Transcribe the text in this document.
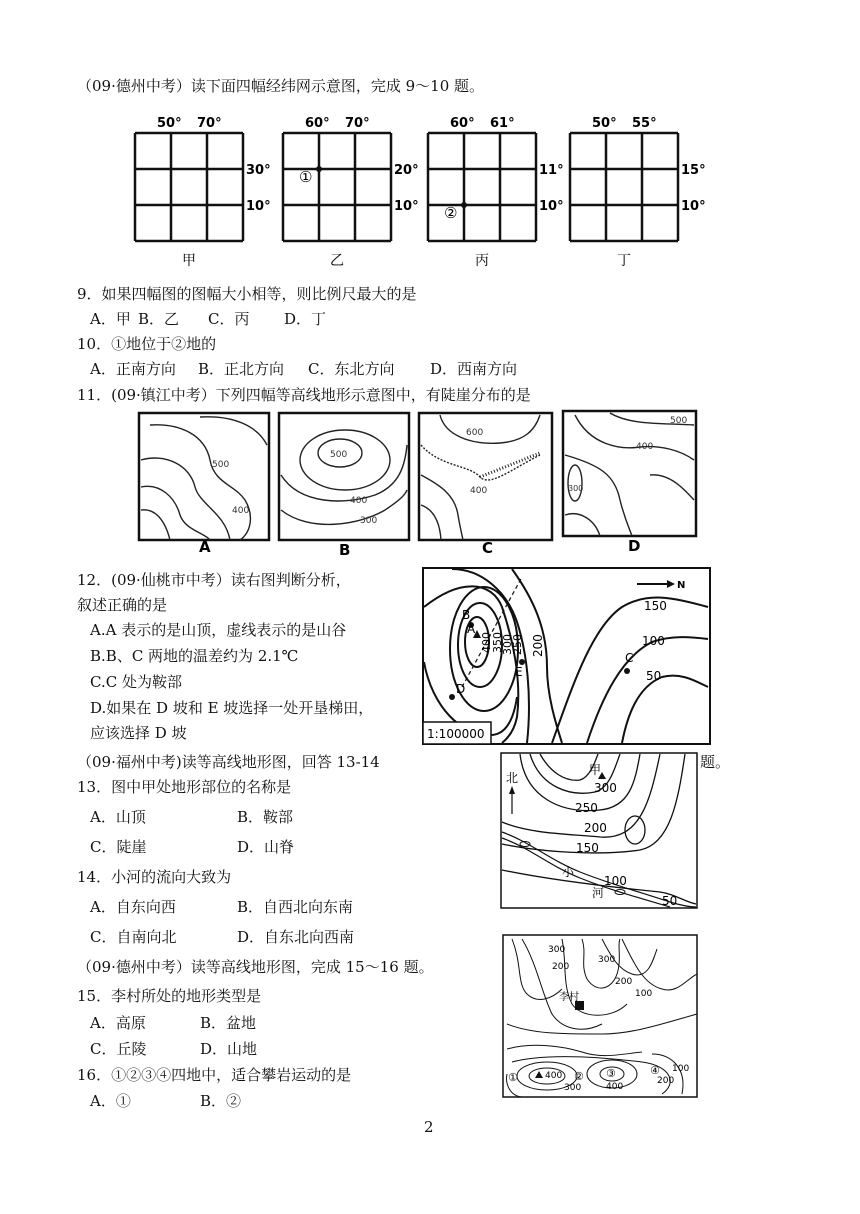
（09·德州中考）读下面四幅经纬网示意图，完成 9～10 题。
50° 70°
30°
10°
甲
60° 70°
20°
10°
乙
①
60° 61°
11°
10°
丙
②
50° 55°
15°
10°
丁
9．如果四幅图的图幅大小相等，则比例尺最大的是
A．甲 B．乙 C．丙 D．丁
10．①地位于②地的
A．正南方向 B．正北方向 C．东北方向 D．西南方向
11．(09·镇江中考）下列四幅等高线地形示意图中，有陡崖分布的是
500
400
A
500
400
300
B
600
400
C
500
400
300
D
12．(09·仙桃市中考）读右图判断分析，
叙述正确的是
A.A 表示的是山顶，虚线表示的是山谷
B.B、C 两地的温差约为 2.1℃
C.C 处为鞍部
D.如果在 D 坡和 E 坡选择一处开垦梯田，
应该选择 D 坡
N
B
A
C
D
E
150
100
50
200
250
300
350
400
1:100000
（09·福州中考)读等高线地形图，回答 13-14	题。
13．图中甲处地形部位的名称是
A．山顶	B．鞍部
C．陡崖	D．山脊
14．小河的流向大致为
A．自东向西	B．自西北向东南
C．自南向北	D．自东北向西南
北
甲
300
250
200
150
100
50
小
河
（09·德州中考）读等高线地形图，完成 15～16 题。
15．李村所处的地形类型是
A．高原	B．盆地
C．丘陵	D．山地
16．①②③④四地中，适合攀岩运动的是
A．①	B．②
300
200
300
200
100
400
300	400
200
100
李村
①	② ③	④
2
